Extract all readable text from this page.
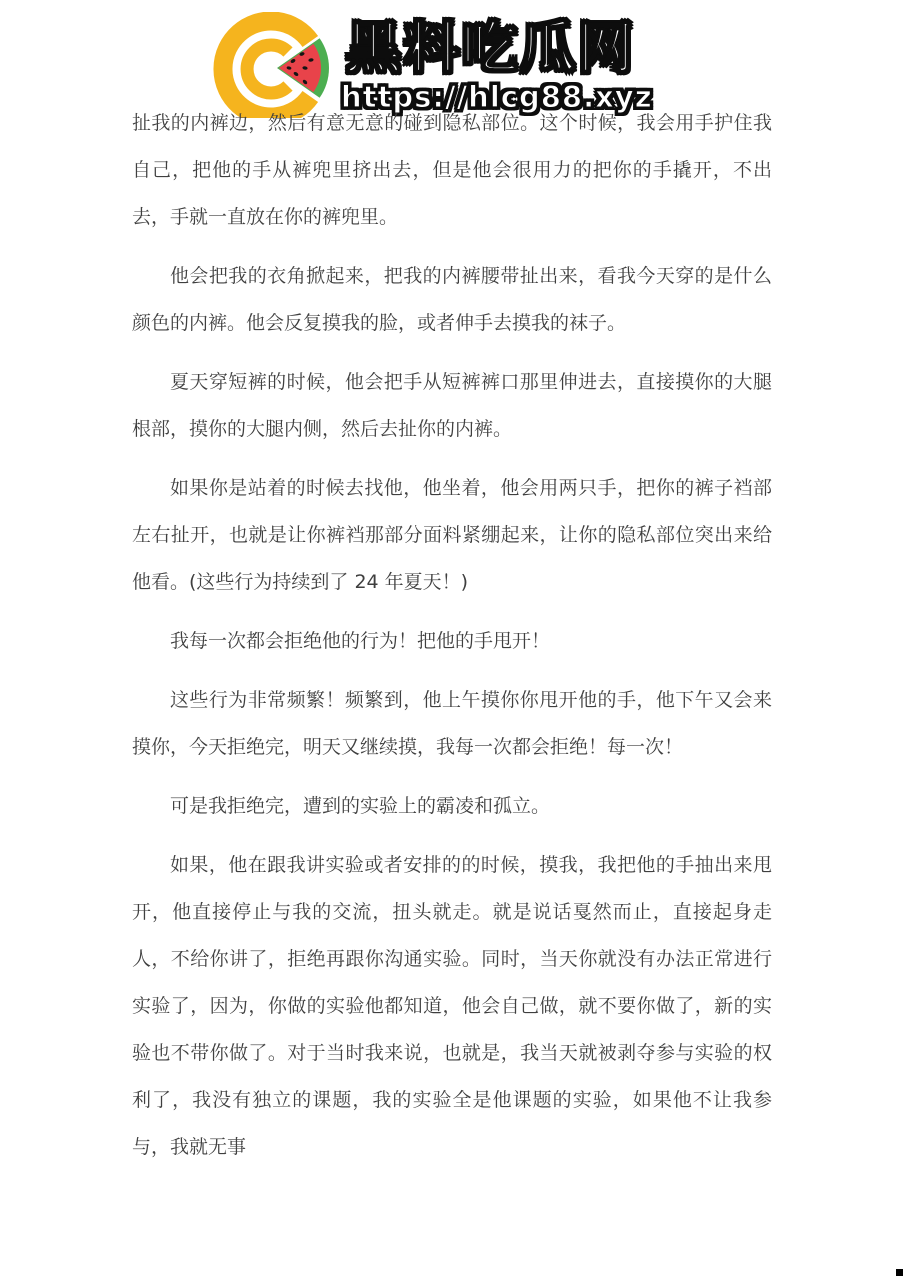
黑料吃瓜网
https://hlcg88.xyz

扯我的内裤边，然后有意无意的碰到隐私部位。这个时候，我会用手护住我自己，把他的手从裤兜里挤出去，但是他会很用力的把你的手撬开，不出去，手就一直放在你的裤兜里。

他会把我的衣角掀起来，把我的内裤腰带扯出来，看我今天穿的是什么颜色的内裤。他会反复摸我的脸，或者伸手去摸我的袜子。

夏天穿短裤的时候，他会把手从短裤裤口那里伸进去，直接摸你的大腿根部，摸你的大腿内侧，然后去扯你的内裤。

如果你是站着的时候去找他，他坐着，他会用两只手，把你的裤子裆部左右扯开，也就是让你裤裆那部分面料紧绷起来，让你的隐私部位突出来给他看。(这些行为持续到了 24 年夏天！)

我每一次都会拒绝他的行为！把他的手甩开！

这些行为非常频繁！频繁到，他上午摸你你甩开他的手，他下午又会来摸你，今天拒绝完，明天又继续摸，我每一次都会拒绝！每一次！

可是我拒绝完，遭到的实验上的霸凌和孤立。

如果，他在跟我讲实验或者安排的的时候，摸我，我把他的手抽出来甩开，他直接停止与我的交流，扭头就走。就是说话戛然而止，直接起身走人，不给你讲了，拒绝再跟你沟通实验。同时，当天你就没有办法正常进行实验了，因为，你做的实验他都知道，他会自己做，就不要你做了，新的实验也不带你做了。对于当时我来说，也就是，我当天就被剥夺参与实验的权利了，我没有独立的课题，我的实验全是他课题的实验，如果他不让我参与，我就无事
